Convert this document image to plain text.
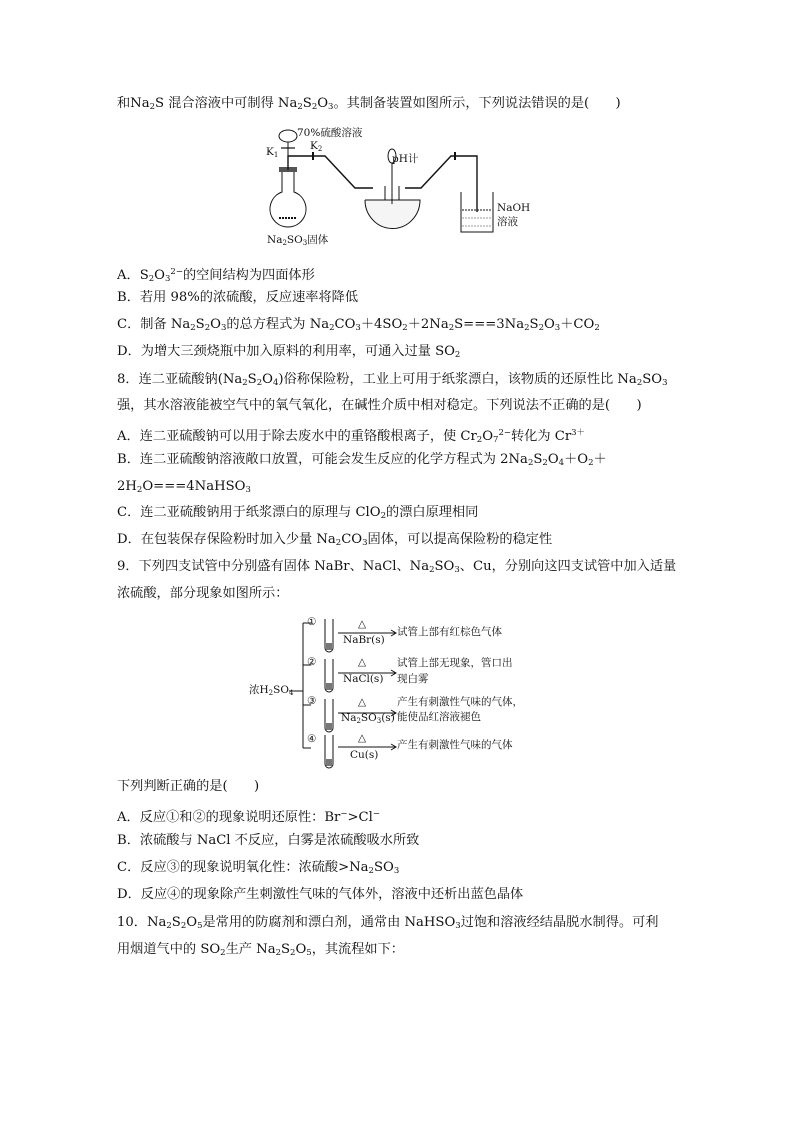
和$Na_2S$ 混合溶液中可制得 $Na_2S_2O_3$。其制备装置如图所示，下列说法错误的是(　　)
70%硫酸溶液
$K_1$
$K_2$
pH计
NaOH
溶液
$Na_2SO_3$固体
A．$S_2O_3^{2-}$的空间结构为四面体形
B．若用 98%的浓硫酸，反应速率将降低
C．制备 $Na_2S_2O_3$的总方程式为 $Na_2CO_3+4SO_2+2Na_2S===3Na_2S_2O_3+CO_2$
D．为增大三颈烧瓶中加入原料的利用率，可通入过量 $SO_2$
8．连二亚硫酸钠$(Na_2S_2O_4)$俗称保险粉，工业上可用于纸浆漂白，该物质的还原性比 $Na_2SO_3$
强，其水溶液能被空气中的氧气氧化，在碱性介质中相对稳定。下列说法不正确的是(　　)
A．连二亚硫酸钠可以用于除去废水中的重铬酸根离子，使 $Cr_2O_7^{2-}$转化为 $Cr^{3+}$
B．连二亚硫酸钠溶液敞口放置，可能会发生反应的化学方程式为 $2Na_2S_2O_4+O_2+$
$2H_2O===4NaHSO_3$
C．连二亚硫酸钠用于纸浆漂白的原理与 ClO$_2$的漂白原理相同
D．在包装保存保险粉时加入少量 $Na_2CO_3$固体，可以提高保险粉的稳定性
9．下列四支试管中分别盛有固体 NaBr、NaCl、$Na_2SO_3$、Cu，分别向这四支试管中加入适量
浓硫酸，部分现象如图所示：
浓$H_2SO_4$
①	△
NaBr(s)
试管上部有红棕色气体
②	△
NaCl(s)
试管上部无现象，管口出
现白雾
③	△
$Na_2SO_3(s)$
产生有刺激性气味的气体，
能使品红溶液褪色
④	△
Cu(s)
产生有刺激性气味的气体
下列判断正确的是(　　)
A．反应①和②的现象说明还原性：Br−>Cl−
B．浓硫酸与 NaCl 不反应，白雾是浓硫酸吸水所致
C．反应③的现象说明氧化性：浓硫酸$>Na_2SO_3$
D．反应④的现象除产生刺激性气味的气体外，溶液中还析出蓝色晶体
10．$Na_2S_2O_5$是常用的防腐剂和漂白剂，通常由 NaHSO$_3$过饱和溶液经结晶脱水制得。可利
用烟道气中的 $SO_2$生产 $Na_2S_2O_5$，其流程如下：
